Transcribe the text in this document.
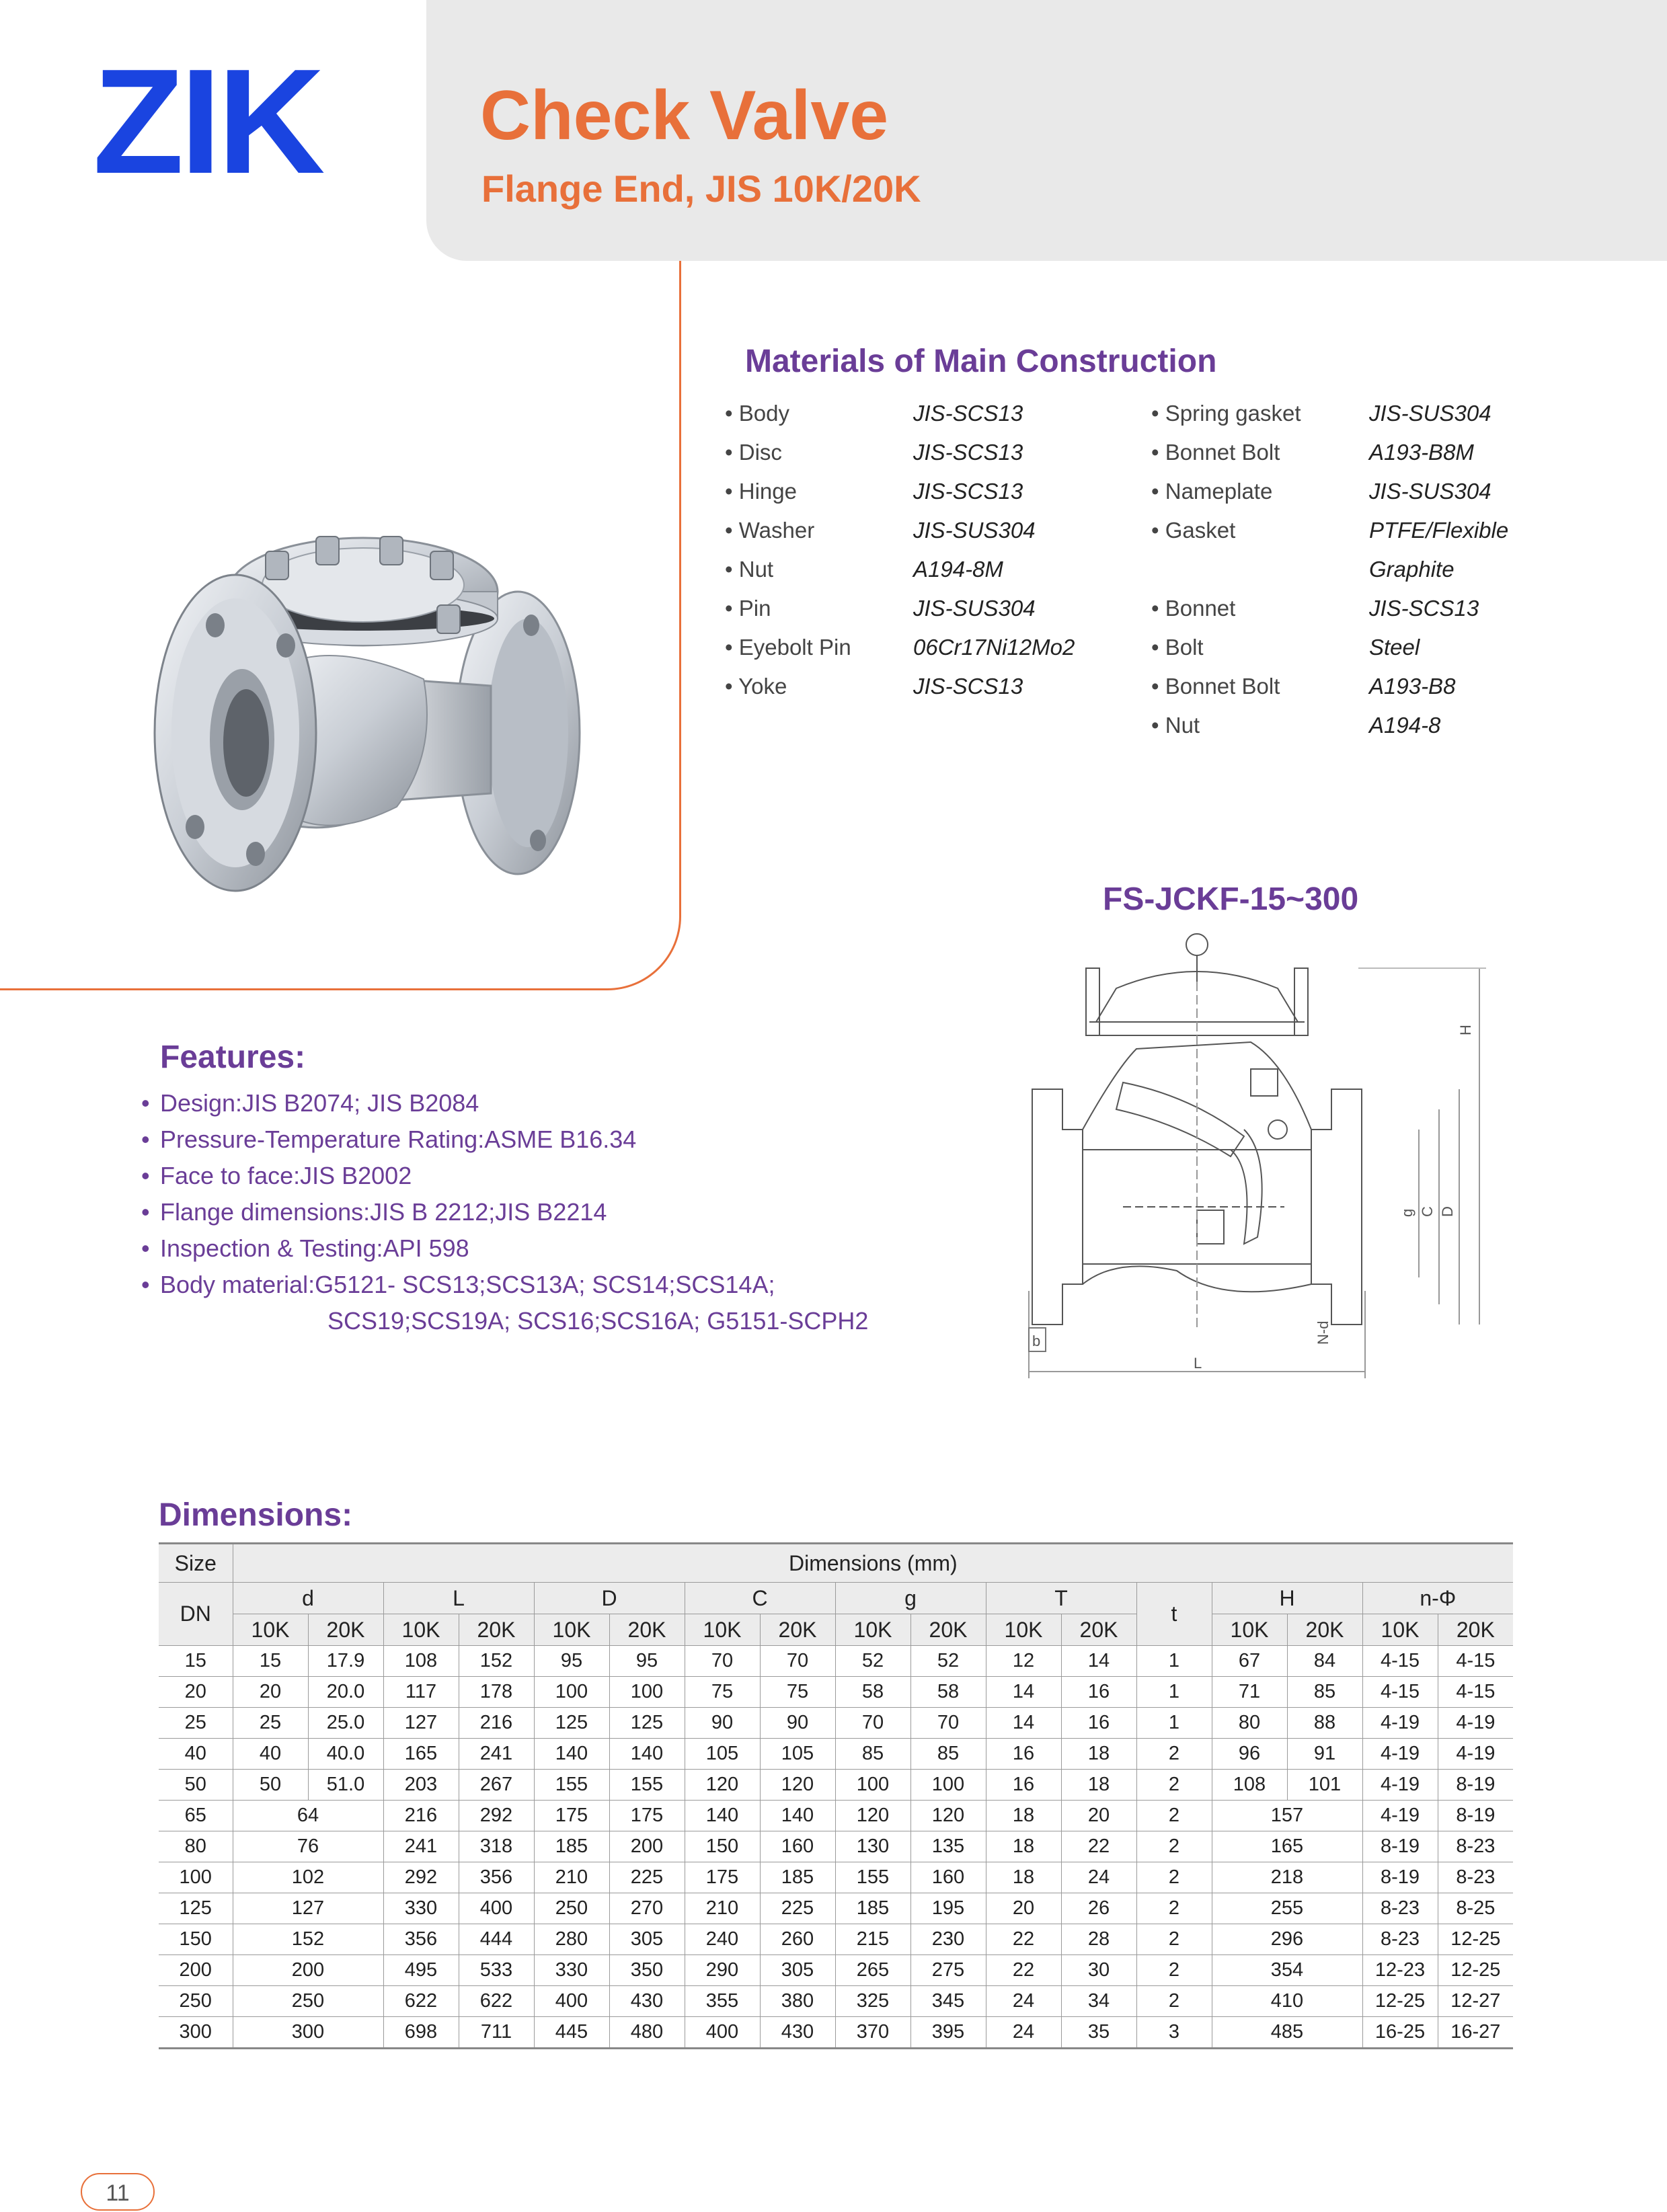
ZIK Check Valve
Flange End, JIS 10K/20K
Materials of Main Construction
• Body	JIS-SCS13
• Disc	JIS-SCS13
• Hinge	JIS-SCS13
• Washer	JIS-SUS304
• Nut	A194-8M
• Pin	JIS-SUS304
• Eyebolt Pin	06Cr17Ni12Mo2
• Yoke	JIS-SCS13
• Spring gasket	JIS-SUS304
• Bonnet Bolt	A193-B8M
• Nameplate	JIS-SUS304
• Gasket	PTFE/Flexible
Graphite
• Bonnet	JIS-SCS13
• Bolt	Steel
• Bonnet Bolt	A193-B8
• Nut	A194-8
FS-JCKF-15~300
H
D
C
g
N-d
b
L
Features:
• Design:JIS B2074; JIS B2084
• Pressure-Temperature Rating:ASME B16.34
• Face to face:JIS B2002
• Flange dimensions:JIS B 2212;JIS B2214
• Inspection & Testing:API 598
• Body material:G5121- SCS13;SCS13A; SCS14;SCS14A;
SCS19;SCS19A; SCS16;SCS16A; G5151-SCPH2
Dimensions:
Size	Dimensions (mm)																
DN	d		L		D		C		g		T		t	H		n-Φ	
	10K	20K	10K	20K	10K	20K	10K	20K	10K	20K	10K	20K		10K	20K	10K	20K
15	15	17.9	108	152	95	95	70	70	52	52	12	14	1	67	84	4-15	4-15
20	20	20.0	117	178	100	100	75	75	58	58	14	16	1	71	85	4-15	4-15
25	25	25.0	127	216	125	125	90	90	70	70	14	16	1	80	88	4-19	4-19
40	40	40.0	165	241	140	140	105	105	85	85	16	18	2	96	91	4-19	4-19
50	50	51.0	203	267	155	155	120	120	100	100	16	18	2	108	101	4-19	8-19
65	64		216	292	175	175	140	140	120	120	18	20	2	157		4-19	8-19
80	76		241	318	185	200	150	160	130	135	18	22	2	165		8-19	8-23
100	102		292	356	210	225	175	185	155	160	18	24	2	218		8-19	8-23
125	127		330	400	250	270	210	225	185	195	20	26	2	255		8-23	8-25
150	152		356	444	280	305	240	260	215	230	22	28	2	296		8-23	12-25
200	200		495	533	330	350	290	305	265	275	22	30	2	354		12-23	12-25
250	250		622	622	400	430	355	380	325	345	24	34	2	410		12-25	12-27
300	300		698	711	445	480	400	430	370	395	24	35	3	485		16-25	16-27
11
